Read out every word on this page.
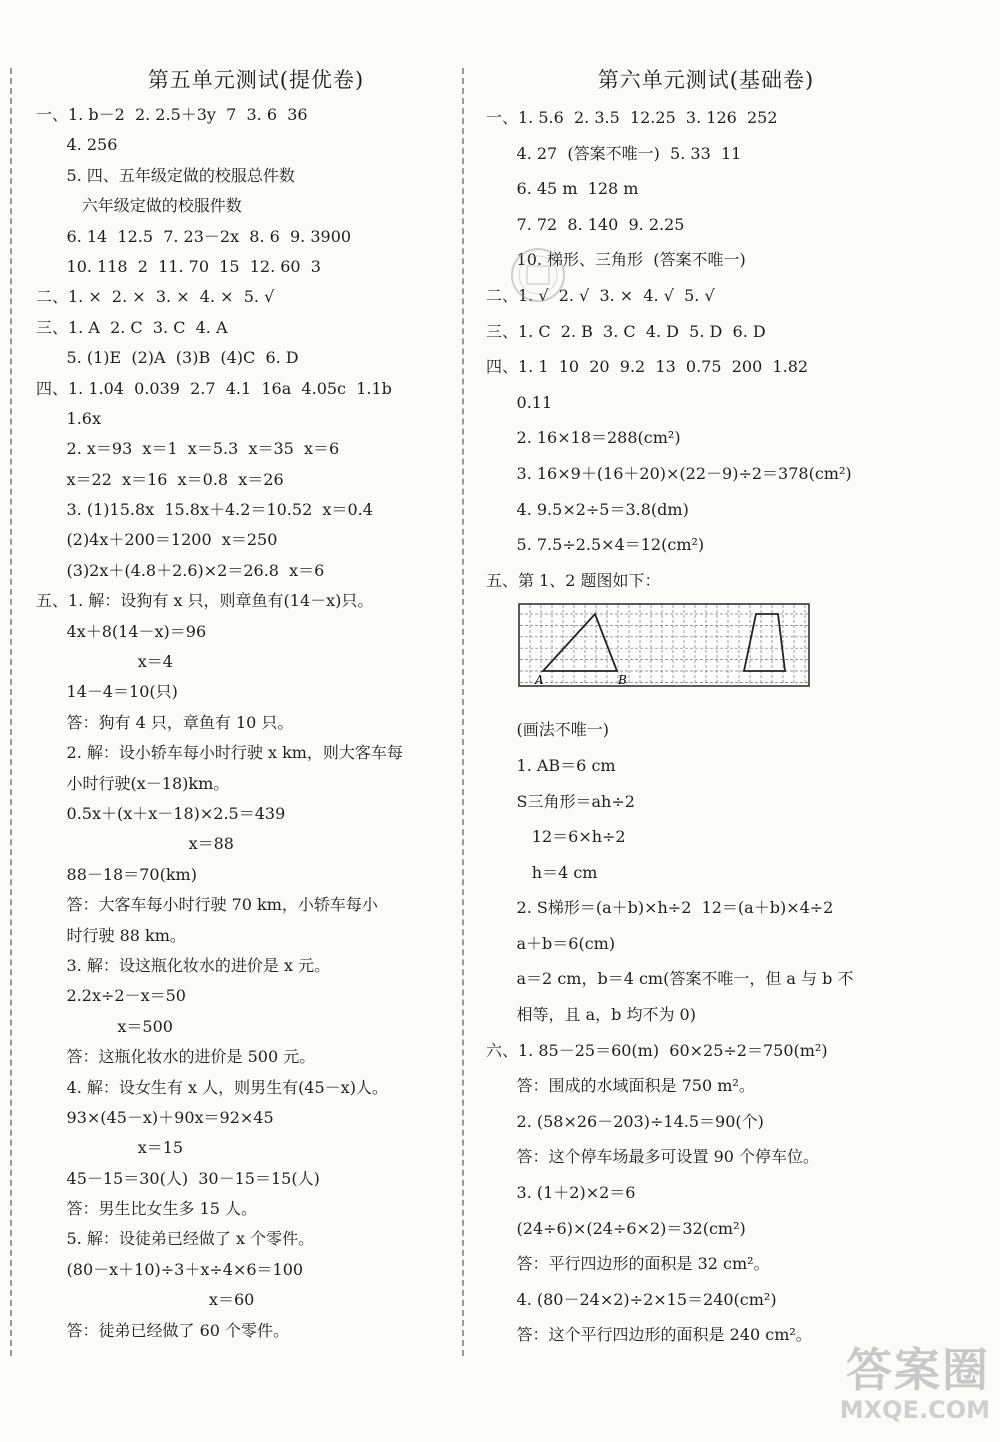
第五单元测试(提优卷)
一、1. b－2  2. 2.5＋3y  7  3. 6  36
4. 256
5. 四、五年级定做的校服总件数
六年级定做的校服件数
6. 14  12.5  7. 23－2x  8. 6  9. 3900
10. 118  2  11. 70  15  12. 60  3
二、1. ×  2. ×  3. ×  4. ×  5. √
三、1. A  2. C  3. C  4. A
5. (1)E  (2)A  (3)B  (4)C  6. D
四、1. 1.04  0.039  2.7  4.1  16a  4.05c  1.1b
1.6x
2. x＝93  x＝1  x＝5.3  x＝35  x＝6
x＝22  x＝16  x＝0.8  x＝26
3. (1)15.8x  15.8x＋4.2＝10.52  x＝0.4
(2)4x＋200＝1200  x＝250
(3)2x＋(4.8＋2.6)×2＝26.8  x＝6
五、1. 解：设狗有 x 只，则章鱼有(14－x)只。
4x＋8(14－x)＝96
x＝4
14－4＝10(只)
答：狗有 4 只，章鱼有 10 只。
2. 解：设小轿车每小时行驶 x km，则大客车每
小时行驶(x－18)km。
0.5x＋(x＋x－18)×2.5＝439
x＝88
88－18＝70(km)
答：大客车每小时行驶 70 km，小轿车每小
时行驶 88 km。
3. 解：设这瓶化妆水的进价是 x 元。
2.2x÷2－x＝50
x＝500
答：这瓶化妆水的进价是 500 元。
4. 解：设女生有 x 人，则男生有(45－x)人。
93×(45－x)＋90x＝92×45
x＝15
45－15＝30(人)  30－15＝15(人)
答：男生比女生多 15 人。
5. 解：设徒弟已经做了 x 个零件。
(80－x＋10)÷3＋x÷4×6＝100
x＝60
答：徒弟已经做了 60 个零件。
第六单元测试(基础卷)
一、1. 5.6  2. 3.5  12.25  3. 126  252
4. 27  (答案不唯一)  5. 33  11
6. 45 m  128 m
7. 72  8. 140  9. 2.25
10. 梯形、三角形  (答案不唯一)
二、1. √  2. √  3. ×  4. √  5. √
三、1. C  2. B  3. C  4. D  5. D  6. D
四、1. 1  10  20  9.2  13  0.75  200  1.82
0.11
2. 16×18＝288(cm²)
3. 16×9＋(16＋20)×(22－9)÷2＝378(cm²)
4. 9.5×2÷5＝3.8(dm)
5. 7.5÷2.5×4＝12(cm²)
五、第 1、2 题图如下：
(画法不唯一)
1. AB＝6 cm
S三角形＝ah÷2
12＝6×h÷2
h＝4 cm
2. S梯形＝(a＋b)×h÷2  12＝(a＋b)×4÷2
a＋b＝6(cm)
a＝2 cm，b＝4 cm(答案不唯一，但 a 与 b 不
相等，且 a，b 均不为 0)
六、1. 85－25＝60(m)  60×25÷2＝750(m²)
答：围成的水域面积是 750 m²。
2. (58×26－203)÷14.5＝90(个)
答：这个停车场最多可设置 90 个停车位。
3. (1＋2)×2＝6
(24÷6)×(24÷6×2)＝32(cm²)
答：平行四边形的面积是 32 cm²。
4. (80－24×2)÷2×15＝240(cm²)
答：这个平行四边形的面积是 240 cm²。
A	B
答案圈
MXQE.COM
